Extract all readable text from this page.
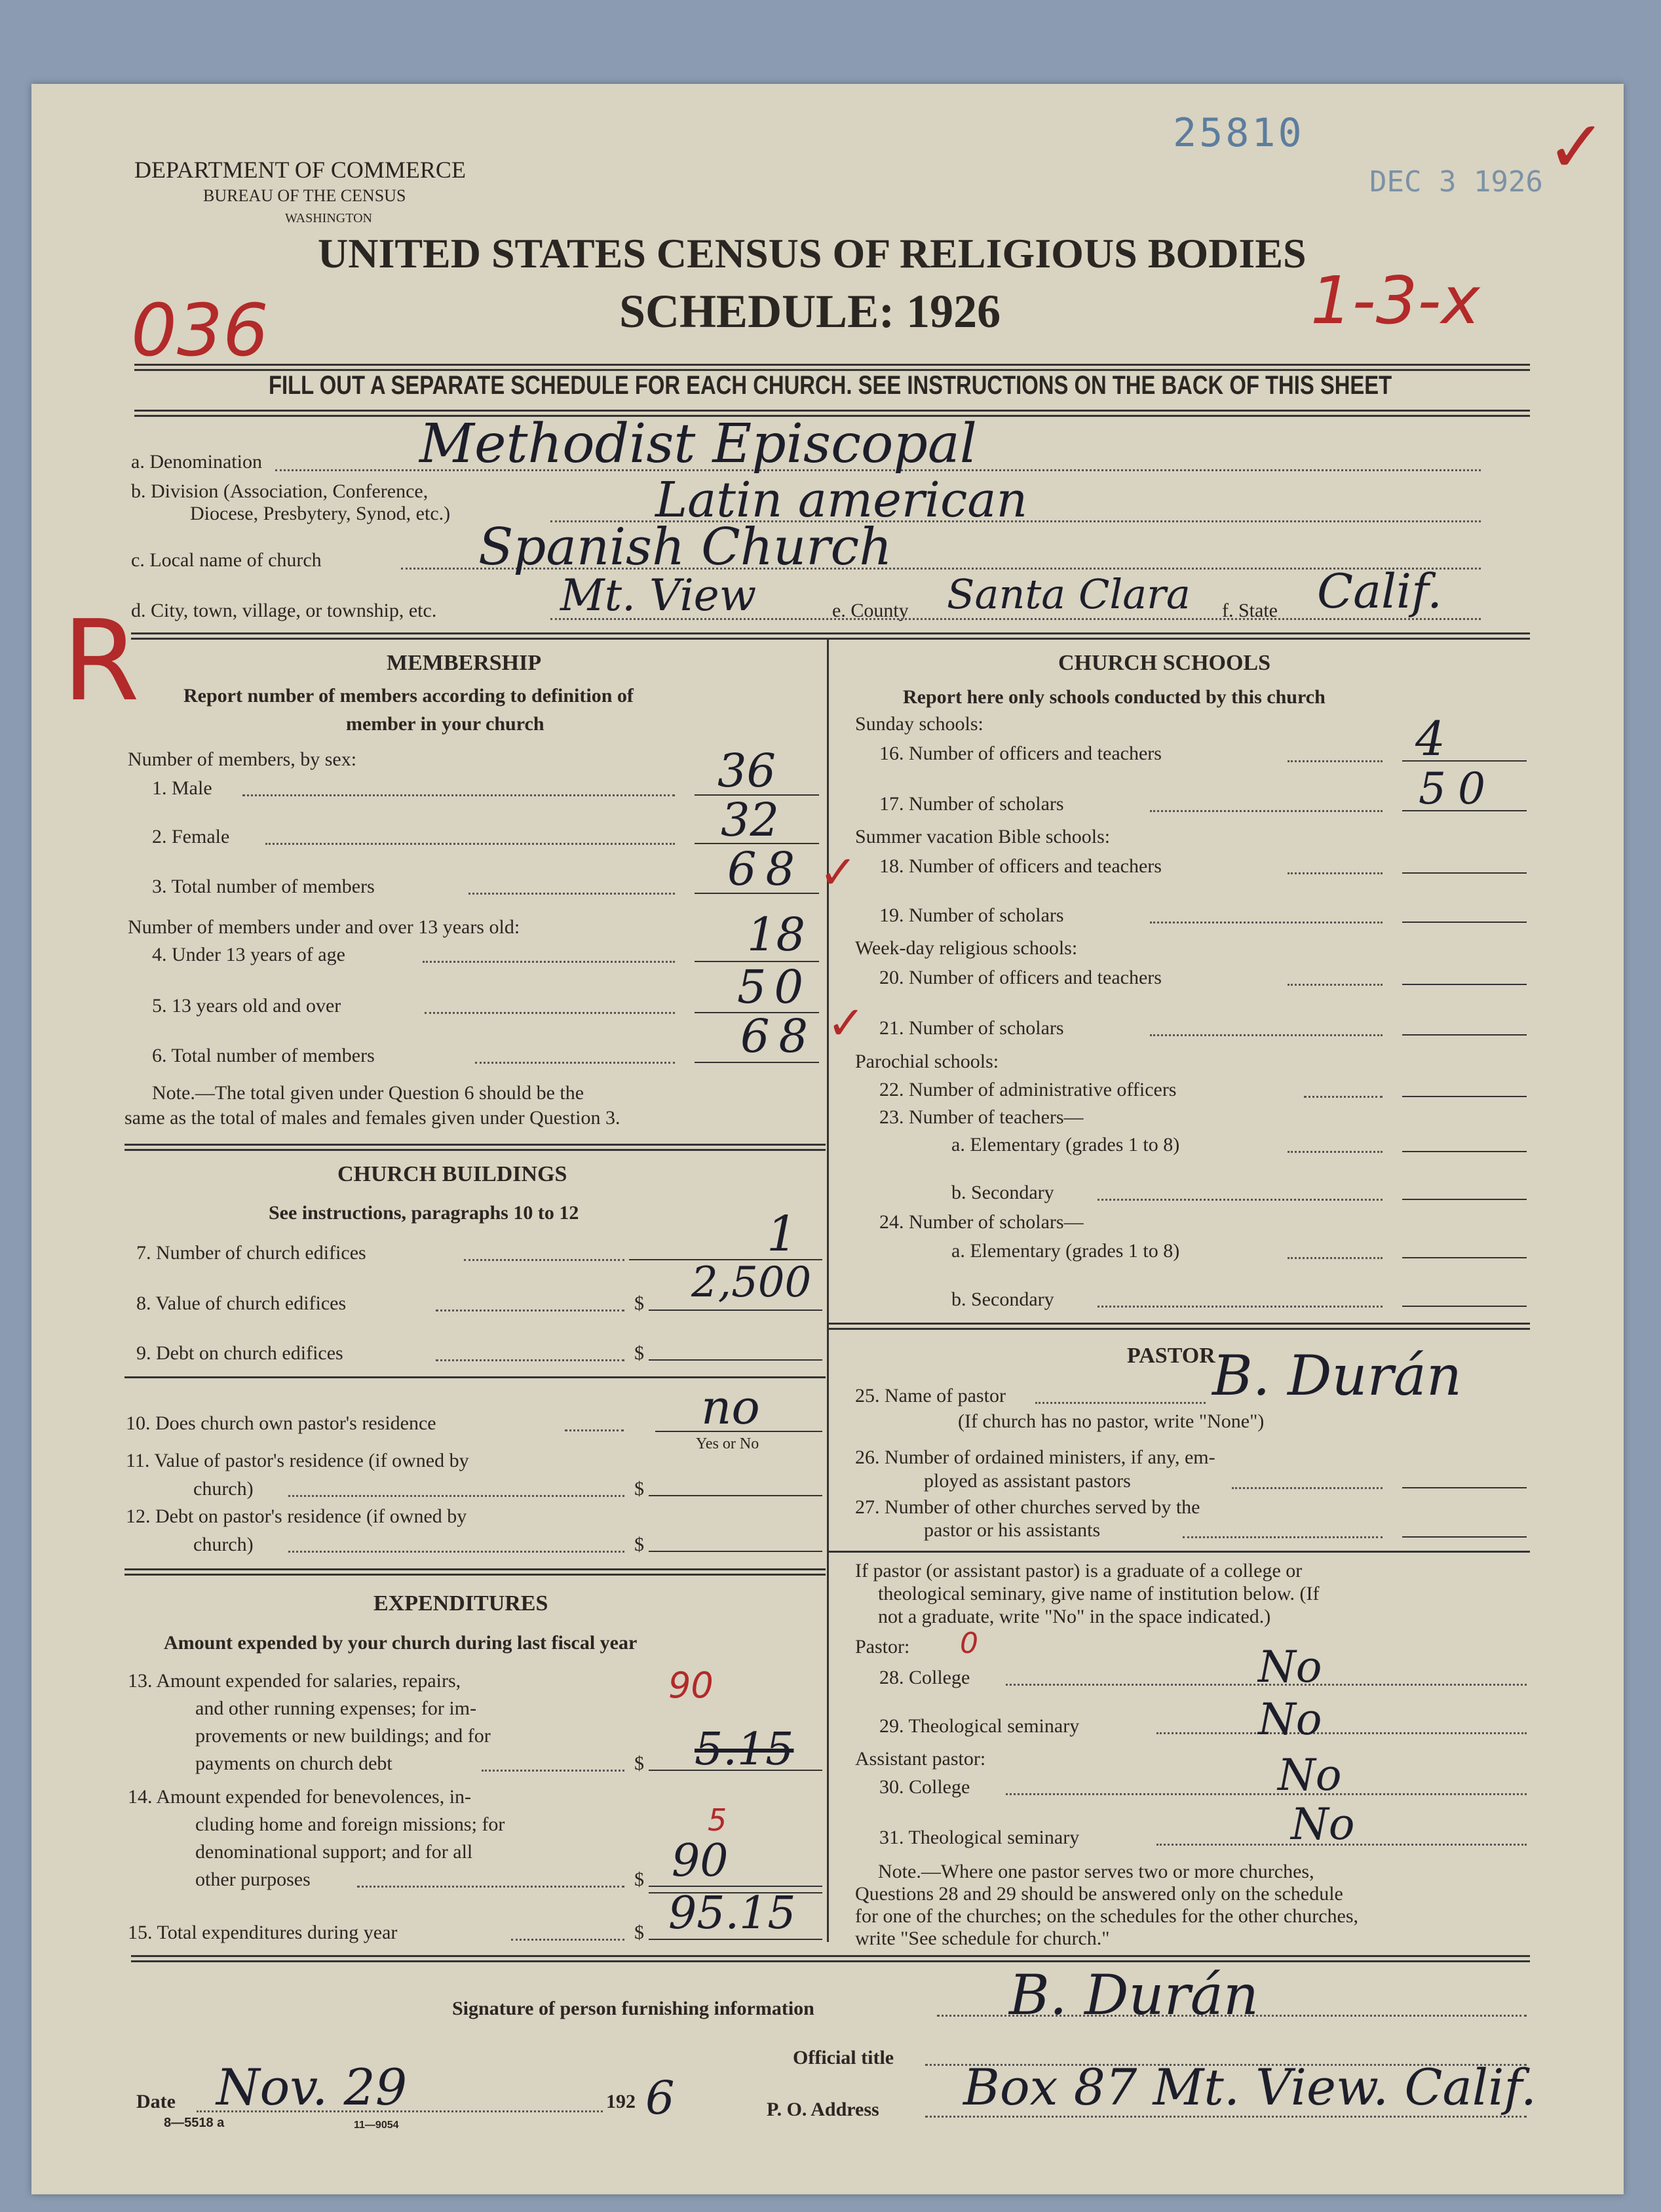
25810
DEC 3 1926 ✓
036	1-3-x
R
DEPARTMENT OF COMMERCE
BUREAU OF THE CENSUS
WASHINGTON
UNITED STATES CENSUS OF RELIGIOUS BODIES
SCHEDULE: 1926
FILL OUT A SEPARATE SCHEDULE FOR EACH CHURCH. SEE INSTRUCTIONS ON THE BACK OF THIS SHEET
a. Denomination	Methodist Episcopal
b. Division (Association, Conference,
Diocese, Presbytery, Synod, etc.)	Latin american
c. Local name of church	Spanish Church
d. City, town, village, or township, etc.	Mt. View	e. County Santa Clara f. State Calif.
MEMBERSHIP
Report number of members according to definition of
member in your church
Number of members, by sex:
1. Male	36
2. Female	32
3. Total number of members	68 ✓
Number of members under and over 13 years old:
4. Under 13 years of age	18
5. 13 years old and over	50
6. Total number of members	68 ✓
Note.—The total given under Question 6 should be the
same as the total of males and females given under Question 3.
CHURCH BUILDINGS
See instructions, paragraphs 10 to 12
7. Number of church edifices	1
8. Value of church edifices	$ 2,500
9. Debt on church edifices	$
10. Does church own pastor's residence	no
Yes or No
11. Value of pastor's residence (if owned by
church)	$
12. Debt on pastor's residence (if owned by
church)	$
EXPENDITURES
Amount expended by your church during last fiscal year
13. Amount expended for salaries, repairs,
and other running expenses; for im-
provements or new buildings; and for
payments on church debt	$
90
5.15
14. Amount expended for benevolences, in-
cluding home and foreign missions; for
denominational support; and for all
other purposes	$
5
90
15. Total expenditures during year	$ 95.15
CHURCH SCHOOLS
Report here only schools conducted by this church
Sunday schools:
16. Number of officers and teachers	4
17. Number of scholars	50
Summer vacation Bible schools:
18. Number of officers and teachers
19. Number of scholars
Week-day religious schools:
20. Number of officers and teachers
21. Number of scholars
Parochial schools:
22. Number of administrative officers
23. Number of teachers—
a. Elementary (grades 1 to 8)
b. Secondary
24. Number of scholars—
a. Elementary (grades 1 to 8)
b. Secondary
PASTOR
25. Name of pastor	B. Durán
(If church has no pastor, write "None")
26. Number of ordained ministers, if any, em-
ployed as assistant pastors
27. Number of other churches served by the
pastor or his assistants
If pastor (or assistant pastor) is a graduate of a college or
theological seminary, give name of institution below. (If
not a graduate, write "No" in the space indicated.)
Pastor: 0
28. College	No
29. Theological seminary	No
Assistant pastor:
30. College	No
31. Theological seminary	No
Note.—Where one pastor serves two or more churches,
Questions 28 and 29 should be answered only on the schedule
for one of the churches; on the schedules for the other churches,
write "See schedule for church."
Signature of person furnishing information	B. Durán
Official title
Date Nov. 29	192 6	P. O. Address Box 87 Mt. View. Calif.
8—5518 a	11—9054
